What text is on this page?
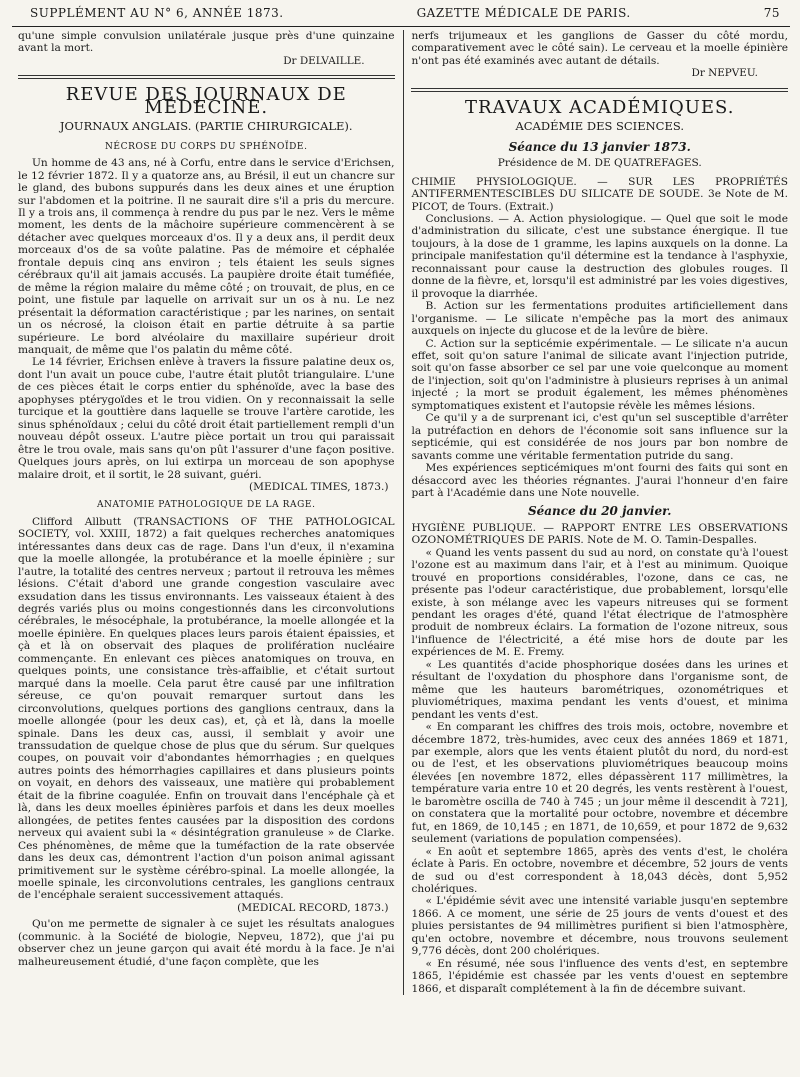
SUPPLÉMENT AU N° 6, ANNÉE 1873.	GAZETTE MÉDICALE DE PARIS.	75

qu'une simple convulsion unilatérale jusque près d'une quinzaine avant la mort.

Dr DELVAILLE.
REVUE DES JOURNAUX DE MÉDECINE.
JOURNAUX ANGLAIS. (PARTIE CHIRURGICALE).
NÉCROSE DU CORPS DU SPHÉNOÏDE.

Un homme de 43 ans, né à Corfu, entre dans le service d'Erichsen, le 12 février 1872. Il y a quatorze ans, au Brésil, il eut un chancre sur le gland, des bubons suppurés dans les deux aines et une éruption sur l'abdomen et la poitrine. Il ne saurait dire s'il a pris du mercure. Il y a trois ans, il commença à rendre du pus par le nez. Vers le même moment, les dents de la mâchoire supérieure commencèrent à se détacher avec quelques morceaux d'os. Il y a deux ans, il perdit deux morceaux d'os de sa voûte palatine. Pas de mémoire et céphalée frontale depuis cinq ans environ ; tels étaient les seuls signes cérébraux qu'il ait jamais accusés. La paupière droite était tuméfiée, de même la région malaire du même côté ; on trouvait, de plus, en ce point, une fistule par laquelle on arrivait sur un os à nu. Le nez présentait la déformation caractéristique ; par les narines, on sentait un os nécrosé, la cloison était en partie détruite à sa partie supérieure. Le bord alvéolaire du maxillaire supérieur droit manquait, de même que l'os palatin du même côté.

Le 14 février, Erichsen enlève à travers la fissure palatine deux os, dont l'un avait un pouce cube, l'autre était plutôt triangulaire. L'une de ces pièces était le corps entier du sphénoïde, avec la base des apophyses ptérygoïdes et le trou vidien. On y reconnaissait la selle turcique et la gouttière dans laquelle se trouve l'artère carotide, les sinus sphénoïdaux ; celui du côté droit était partiellement rempli d'un nouveau dépôt osseux. L'autre pièce portait un trou qui paraissait être le trou ovale, mais sans qu'on pût l'assurer d'une façon positive. Quelques jours après, on lui extirpa un morceau de son apophyse malaire droit, et il sortit, le 28 suivant, guéri.

(MEDICAL TIMES, 1873.)
ANATOMIE PATHOLOGIQUE DE LA RAGE.

Clifford Allbutt (TRANSACTIONS OF THE PATHOLOGICAL SOCIETY, vol. XXIII, 1872) a fait quelques recherches anatomiques intéressantes dans deux cas de rage. Dans l'un d'eux, il n'examina que la moelle allongée, la protubérance et la moelle épinière ; sur l'autre, la totalité des centres nerveux ; partout il retrouva les mêmes lésions. C'était d'abord une grande congestion vasculaire avec exsudation dans les tissus environnants. Les vaisseaux étaient à des degrés variés plus ou moins congestionnés dans les circonvolutions cérébrales, le mésocéphale, la protubérance, la moelle allongée et la moelle épinière. En quelques places leurs parois étaient épaissies, et çà et là on observait des plaques de prolifération nucléaire commençante. En enlevant ces pièces anatomiques on trouva, en quelques points, une consistance très-affaiblie, et c'était surtout marqué dans la moelle. Cela parut être causé par une infiltration séreuse, ce qu'on pouvait remarquer surtout dans les circonvolutions, quelques portions des ganglions centraux, dans la moelle allongée (pour les deux cas), et, çà et là, dans la moelle spinale. Dans les deux cas, aussi, il semblait y avoir une transsudation de quelque chose de plus que du sérum. Sur quelques coupes, on pouvait voir d'abondantes hémorrhagies ; en quelques autres points des hémorrhagies capillaires et dans plusieurs points on voyait, en dehors des vaisseaux, une matière qui probablement était de la fibrine coagulée. Enfin on trouvait dans l'encéphale çà et là, dans les deux moelles épinières parfois et dans les deux moelles allongées, de petites fentes causées par la disposition des cordons nerveux qui avaient subi la « désintégration granuleuse » de Clarke. Ces phénomènes, de même que la tuméfaction de la rate observée dans les deux cas, démontrent l'action d'un poison animal agissant primitivement sur le système cérébro-spinal. La moelle allongée, la moelle spinale, les circonvolutions centrales, les ganglions centraux de l'encéphale seraient successivement attaqués.

(MEDICAL RECORD, 1873.)

Qu'on me permette de signaler à ce sujet les résultats analogues (communic. à la Société de biologie, Nepveu, 1872), que j'ai pu observer chez un jeune garçon qui avait été mordu à la face. Je n'ai malheureusement étudié, d'une façon complète, que les

nerfs trijumeaux et les ganglions de Gasser du côté mordu, comparativement avec le côté sain). Le cerveau et la moelle épinière n'ont pas été examinés avec autant de détails.

Dr NEPVEU.
TRAVAUX ACADÉMIQUES.
ACADÉMIE DES SCIENCES.
Séance du 13 janvier 1873.
Présidence de M. DE QUATREFAGES.

CHIMIE PHYSIOLOGIQUE. — SUR LES PROPRIÉTÉS ANTIFERMENTESCIBLES DU SILICATE DE SOUDE. 3e Note de M. PICOT, de Tours. (Extrait.)

Conclusions. — A. Action physiologique. — Quel que soit le mode d'administration du silicate, c'est une substance énergique. Il tue toujours, à la dose de 1 gramme, les lapins auxquels on la donne. La principale manifestation qu'il détermine est la tendance à l'asphyxie, reconnaissant pour cause la destruction des globules rouges. Il donne de la fièvre, et, lorsqu'il est administré par les voies digestives, il provoque la diarrhée.

B. Action sur les fermentations produites artificiellement dans l'organisme. — Le silicate n'empêche pas la mort des animaux auxquels on injecte du glucose et de la levûre de bière.

C. Action sur la septicémie expérimentale. — Le silicate n'a aucun effet, soit qu'on sature l'animal de silicate avant l'injection putride, soit qu'on fasse absorber ce sel par une voie quelconque au moment de l'injection, soit qu'on l'administre à plusieurs reprises à un animal injecté ; la mort se produit également, les mêmes phénomènes symptomatiques existent et l'autopsie révèle les mêmes lésions.

Ce qu'il y a de surprenant ici, c'est qu'un sel susceptible d'arrêter la putréfaction en dehors de l'économie soit sans influence sur la septicémie, qui est considérée de nos jours par bon nombre de savants comme une véritable fermentation putride du sang.

Mes expériences septicémiques m'ont fourni des faits qui sont en désaccord avec les théories régnantes. J'aurai l'honneur d'en faire part à l'Académie dans une Note nouvelle.

Séance du 20 janvier.

HYGIÈNE PUBLIQUE. — RAPPORT ENTRE LES OBSERVATIONS OZONOMÉTRIQUES DE PARIS. Note de M. O. Tamin-Despalles.

« Quand les vents passent du sud au nord, on constate qu'à l'ouest l'ozone est au maximum dans l'air, et à l'est au minimum. Quoique trouvé en proportions considérables, l'ozone, dans ce cas, ne présente pas l'odeur caractéristique, due probablement, lorsqu'elle existe, à son mélange avec les vapeurs nitreuses qui se forment pendant les orages d'été, quand l'état électrique de l'atmosphère produit de nombreux éclairs. La formation de l'ozone nitreux, sous l'influence de l'électricité, a été mise hors de doute par les expériences de M. E. Fremy.

« Les quantités d'acide phosphorique dosées dans les urines et résultant de l'oxydation du phosphore dans l'organisme sont, de même que les hauteurs barométriques, ozonométriques et pluviométriques, maxima pendant les vents d'ouest, et minima pendant les vents d'est.

« En comparant les chiffres des trois mois, octobre, novembre et décembre 1872, très-humides, avec ceux des années 1869 et 1871, par exemple, alors que les vents étaient plutôt du nord, du nord-est ou de l'est, et les observations pluviométriques beaucoup moins élevées [en novembre 1872, elles dépassèrent 117 millimètres, la température varia entre 10 et 20 degrés, les vents restèrent à l'ouest, le baromètre oscilla de 740 à 745 ; un jour même il descendit à 721], on constatera que la mortalité pour octobre, novembre et décembre fut, en 1869, de 10,145 ; en 1871, de 10,659, et pour 1872 de 9,632 seulement (variations de population compensées).

« En août et septembre 1865, après des vents d'est, le choléra éclate à Paris. En octobre, novembre et décembre, 52 jours de vents de sud ou d'est correspondent à 18,043 décès, dont 5,952 cholériques.

« L'épidémie sévit avec une intensité variable jusqu'en septembre 1866. A ce moment, une série de 25 jours de vents d'ouest et des pluies persistantes de 94 millimètres purifient si bien l'atmosphère, qu'en octobre, novembre et décembre, nous trouvons seulement 9,776 décès, dont 200 cholériques.

« En résumé, née sous l'influence des vents d'est, en septembre 1865, l'épidémie est chassée par les vents d'ouest en septembre 1866, et disparaît complétement à la fin de décembre suivant.
